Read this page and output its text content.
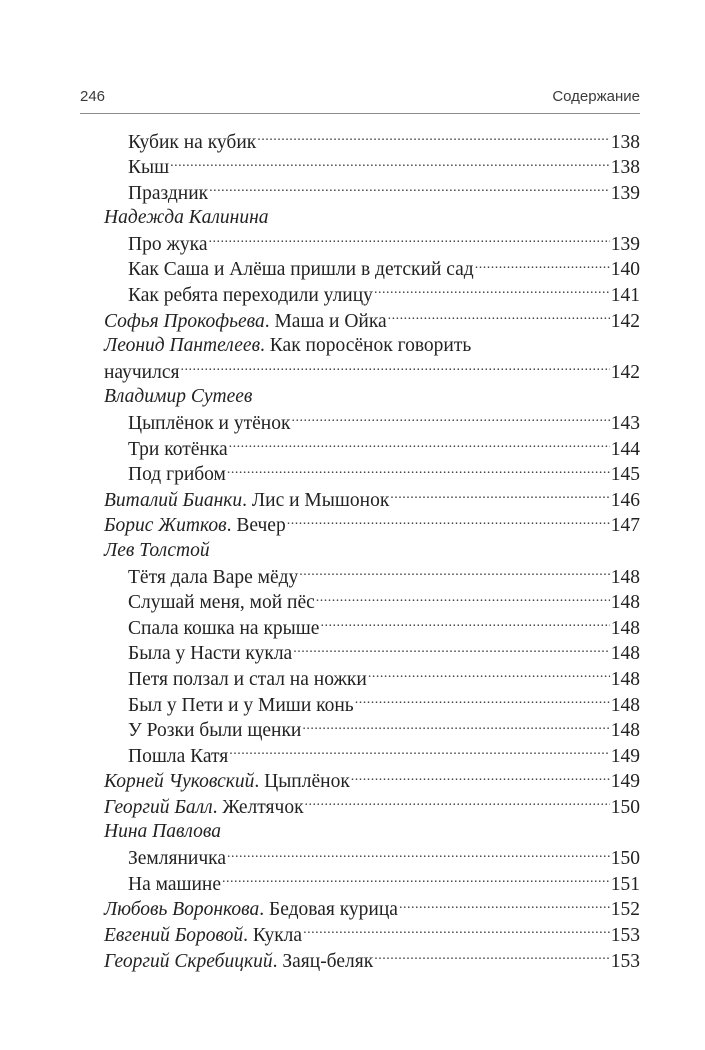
246	Содержание
Кубик на кубик .....	138
Кыш .....	138
Праздник .....	139
Надежда Калинина
Про жука .....	139
Как Саша и Алёша пришли в детский сад .....	140
Как ребята переходили улицу .....	141
Софья Прокофьева. Маша и Ойка .....	142
Леонид Пантелеев. Как поросёнок говорить
научился .....	142
Владимир Сутеев
Цыплёнок и утёнок .....	143
Три котёнка .....	144
Под грибом .....	145
Виталий Бианки. Лис и Мышонок .....	146
Борис Житков. Вечер .....	147
Лев Толстой
Тётя дала Варе мёду .....	148
Слушай меня, мой пёс .....	148
Спала кошка на крыше .....	148
Была у Насти кукла .....	148
Петя ползал и стал на ножки .....	148
Был у Пети и у Миши конь .....	148
У Розки были щенки .....	148
Пошла Катя .....	149
Корней Чуковский. Цыплёнок .....	149
Георгий Балл. Желтячок .....	150
Нина Павлова
Земляничка .....	150
На машине .....	151
Любовь Воронкова. Бедовая курица .....	152
Евгений Боровой. Кукла .....	153
Георгий Скребицкий. Заяц-беляк .....	153
